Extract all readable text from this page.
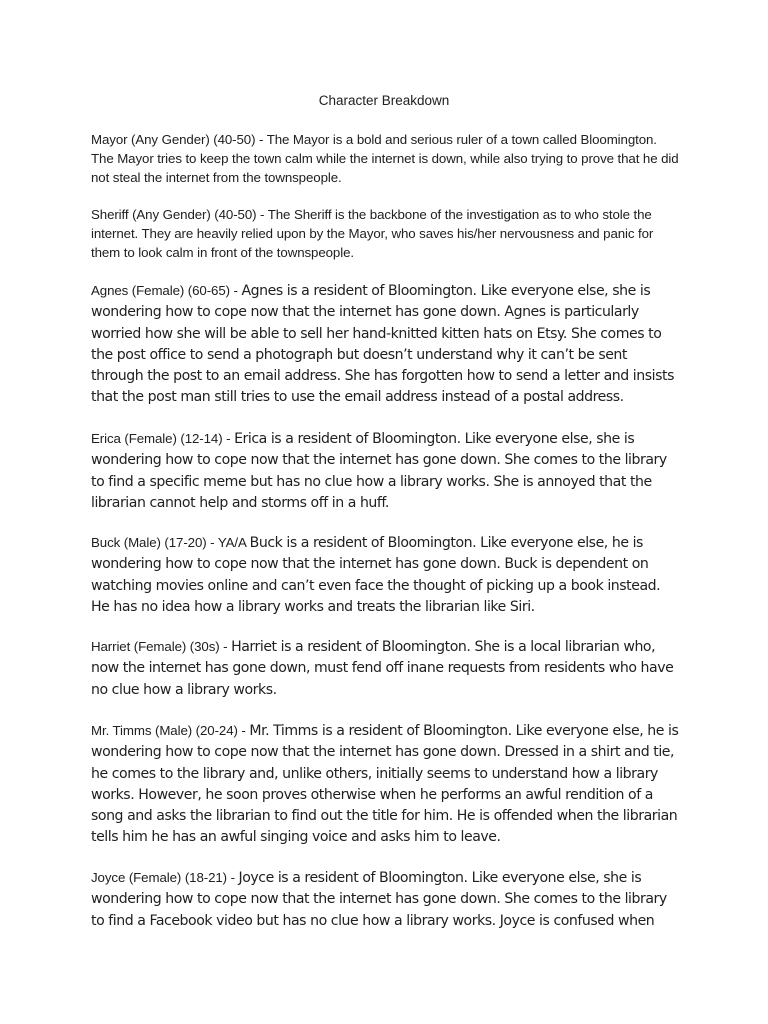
Character Breakdown

Mayor (Any Gender) (40-50) - The Mayor is a bold and serious ruler of a town called Bloomington. The Mayor tries to keep the town calm while the internet is down, while also trying to prove that he did not steal the internet from the townspeople.

Sheriff (Any Gender) (40-50) - The Sheriff is the backbone of the investigation as to who stole the internet. They are heavily relied upon by the Mayor, who saves his/her nervousness and panic for them to look calm in front of the townspeople.

Agnes (Female) (60-65) - Agnes is a resident of Bloomington. Like everyone else, she is wondering how to cope now that the internet has gone down. Agnes is particularly worried how she will be able to sell her hand-knitted kitten hats on Etsy. She comes to the post office to send a photograph but doesn’t understand why it can’t be sent through the post to an email address. She has forgotten how to send a letter and insists that the post man still tries to use the email address instead of a postal address.

Erica (Female) (12-14) - Erica is a resident of Bloomington. Like everyone else, she is wondering how to cope now that the internet has gone down. She comes to the library to find a specific meme but has no clue how a library works. She is annoyed that the librarian cannot help and storms off in a huff.

Buck (Male) (17-20) - YA/A Buck is a resident of Bloomington. Like everyone else, he is wondering how to cope now that the internet has gone down. Buck is dependent on watching movies online and can’t even face the thought of picking up a book instead. He has no idea how a library works and treats the librarian like Siri.

Harriet (Female) (30s) - Harriet is a resident of Bloomington. She is a local librarian who, now the internet has gone down, must fend off inane requests from residents who have no clue how a library works.

Mr. Timms (Male) (20-24) - Mr. Timms is a resident of Bloomington. Like everyone else, he is wondering how to cope now that the internet has gone down. Dressed in a shirt and tie, he comes to the library and, unlike others, initially seems to understand how a library works. However, he soon proves otherwise when he performs an awful rendition of a song and asks the librarian to find out the title for him. He is offended when the librarian tells him he has an awful singing voice and asks him to leave.

Joyce (Female) (18-21) - Joyce is a resident of Bloomington. Like everyone else, she is wondering how to cope now that the internet has gone down. She comes to the library to find a Facebook video but has no clue how a library works. Joyce is confused when
